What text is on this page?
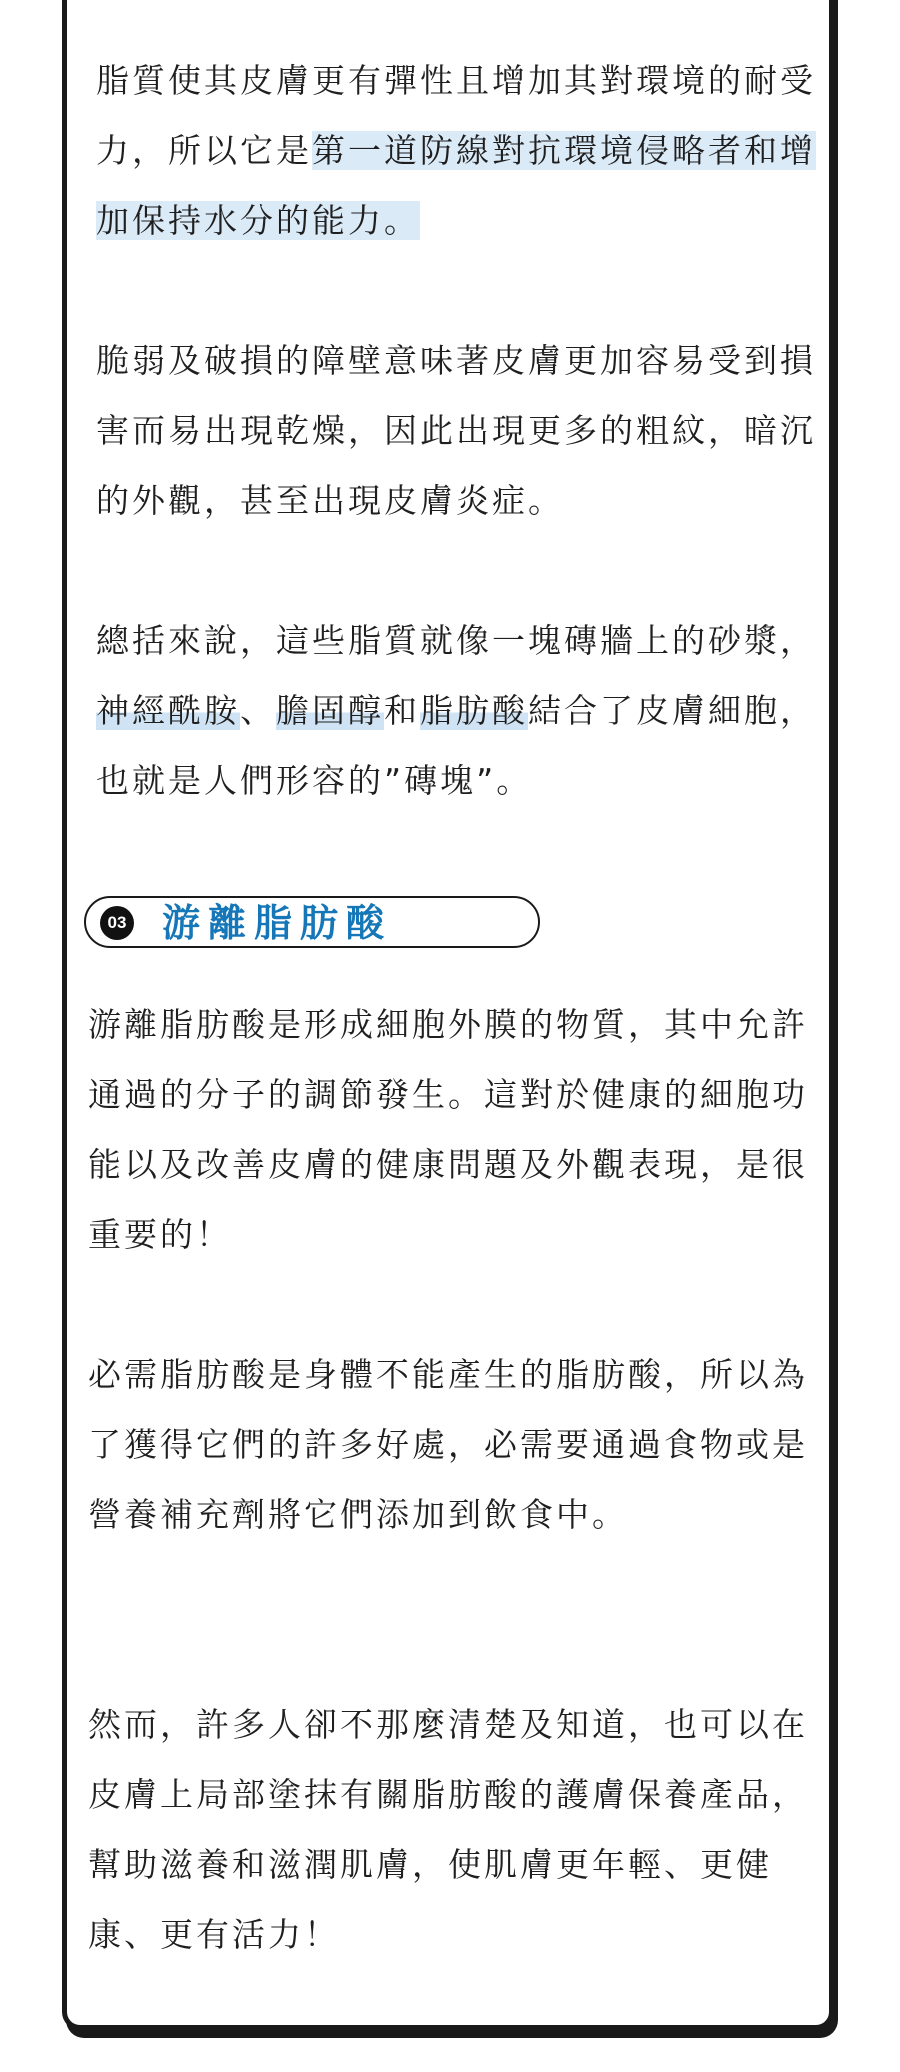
脂質使其皮膚更有彈性且增加其對環境的耐受力，所以它是第一道防線對抗環境侵略者和增加保持水分的能力。

脆弱及破損的障壁意味著皮膚更加容易受到損害而易出現乾燥，因此出現更多的粗紋，暗沉的外觀，甚至出現皮膚炎症。

總括來說，這些脂質就像一塊磚牆上的砂漿，神經酰胺、膽固醇和脂肪酸結合了皮膚細胞，也就是人們形容的”磚塊”。

03 游離脂肪酸

游離脂肪酸是形成細胞外膜的物質，其中允許通過的分子的調節發生。這對於健康的細胞功能以及改善皮膚的健康問題及外觀表現，是很重要的！

必需脂肪酸是身體不能產生的脂肪酸，所以為了獲得它們的許多好處，必需要通過食物或是營養補充劑將它們添加到飲食中。

然而，許多人卻不那麼清楚及知道，也可以在皮膚上局部塗抹有關脂肪酸的護膚保養產品，幫助滋養和滋潤肌膚，使肌膚更年輕、更健康、更有活力！
